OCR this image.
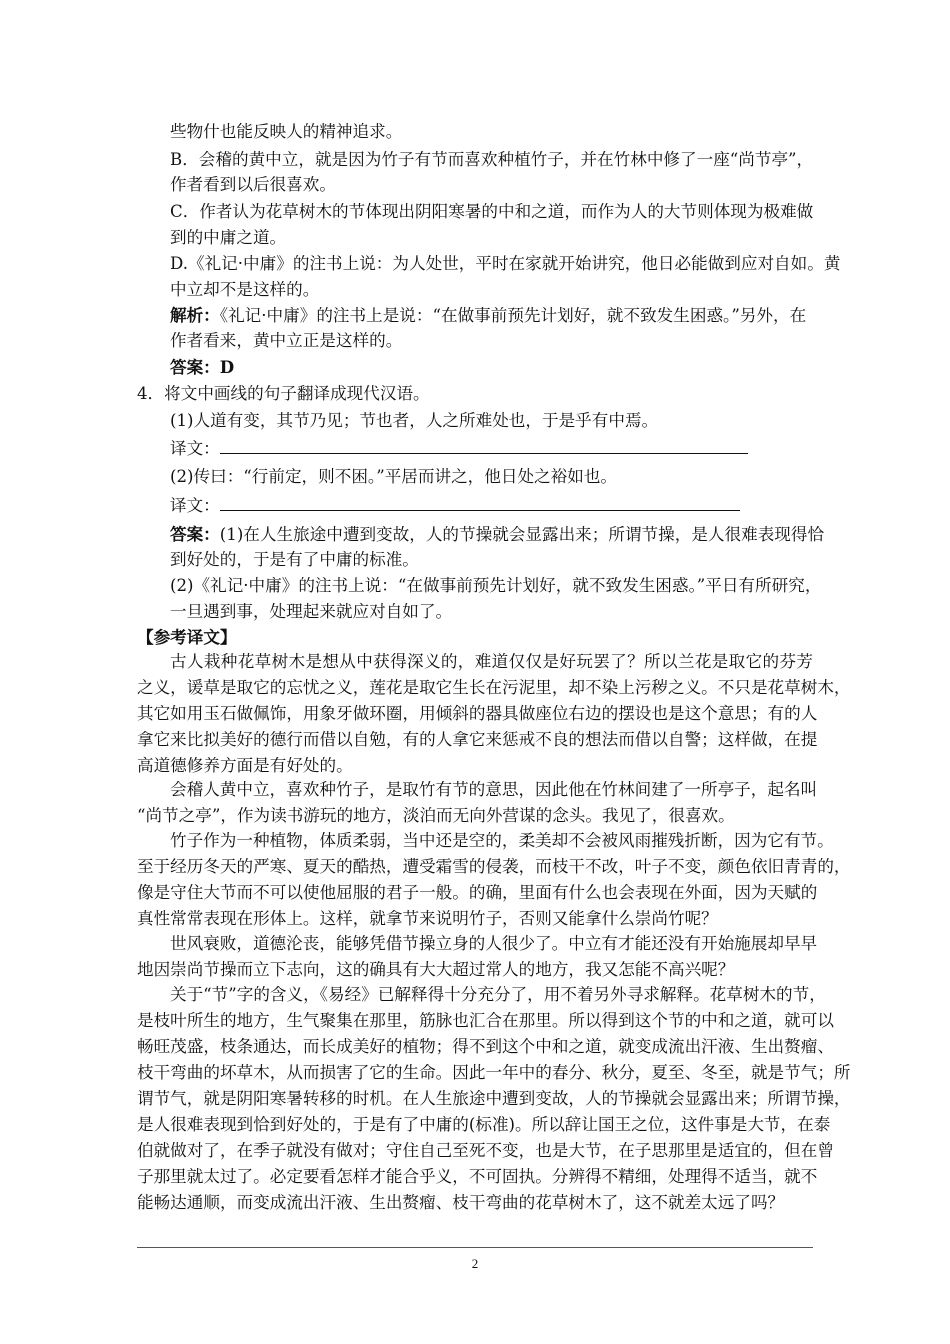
些物什也能反映人的精神追求。
B．会稽的黄中立，就是因为竹子有节而喜欢种植竹子，并在竹林中修了一座“尚节亭”，
作者看到以后很喜欢。
C．作者认为花草树木的节体现出阴阳寒暑的中和之道，而作为人的大节则体现为极难做
到的中庸之道。
D.《礼记·中庸》的注书上说：为人处世，平时在家就开始讲究，他日必能做到应对自如。黄
中立却不是这样的。
解析：《礼记·中庸》的注书上是说：“在做事前预先计划好，就不致发生困惑。”另外，在
作者看来，黄中立正是这样的。
答案：D
4．将文中画线的句子翻译成现代汉语。
(1)人道有变，其节乃见；节也者，人之所难处也，于是乎有中焉。
译文：
(2)传曰：“行前定，则不困。”平居而讲之，他日处之裕如也。
译文：
答案：(1)在人生旅途中遭到变故，人的节操就会显露出来；所谓节操，是人很难表现得恰
到好处的，于是有了中庸的标准。
(2)《礼记·中庸》的注书上说：“在做事前预先计划好，就不致发生困惑。”平日有所研究，
一旦遇到事，处理起来就应对自如了。
【参考译文】
古人栽种花草树木是想从中获得深义的，难道仅仅是好玩罢了？所以兰花是取它的芬芳
之义，谖草是取它的忘忧之义，莲花是取它生长在污泥里，却不染上污秽之义。不只是花草树木，
其它如用玉石做佩饰，用象牙做环圈，用倾斜的器具做座位右边的摆设也是这个意思；有的人
拿它来比拟美好的德行而借以自勉，有的人拿它来惩戒不良的想法而借以自警；这样做，在提
高道德修养方面是有好处的。
会稽人黄中立，喜欢种竹子，是取竹有节的意思，因此他在竹林间建了一所亭子，起名叫
“尚节之亭”，作为读书游玩的地方，淡泊而无向外营谋的念头。我见了，很喜欢。
竹子作为一种植物，体质柔弱，当中还是空的，柔美却不会被风雨摧残折断，因为它有节。
至于经历冬天的严寒、夏天的酷热，遭受霜雪的侵袭，而枝干不改，叶子不变，颜色依旧青青的，
像是守住大节而不可以使他屈服的君子一般。的确，里面有什么也会表现在外面，因为天赋的
真性常常表现在形体上。这样，就拿节来说明竹子，否则又能拿什么崇尚竹呢？
世风衰败，道德沦丧，能够凭借节操立身的人很少了。中立有才能还没有开始施展却早早
地因崇尚节操而立下志向，这的确具有大大超过常人的地方，我又怎能不高兴呢？
关于“节”字的含义，《易经》已解释得十分充分了，用不着另外寻求解释。花草树木的节，
是枝叶所生的地方，生气聚集在那里，筋脉也汇合在那里。所以得到这个节的中和之道，就可以
畅旺茂盛，枝条通达，而长成美好的植物；得不到这个中和之道，就变成流出汗液、生出赘瘤、
枝干弯曲的坏草木，从而损害了它的生命。因此一年中的春分、秋分，夏至、冬至，就是节气；所
谓节气，就是阴阳寒暑转移的时机。在人生旅途中遭到变故，人的节操就会显露出来；所谓节操，
是人很难表现到恰到好处的，于是有了中庸的(标准)。所以辞让国王之位，这件事是大节，在泰
伯就做对了，在季子就没有做对；守住自己至死不变，也是大节，在子思那里是适宜的，但在曾
子那里就太过了。必定要看怎样才能合乎义，不可固执。分辨得不精细，处理得不适当，就不
能畅达通顺，而变成流出汗液、生出赘瘤、枝干弯曲的花草树木了，这不就差太远了吗？
2
